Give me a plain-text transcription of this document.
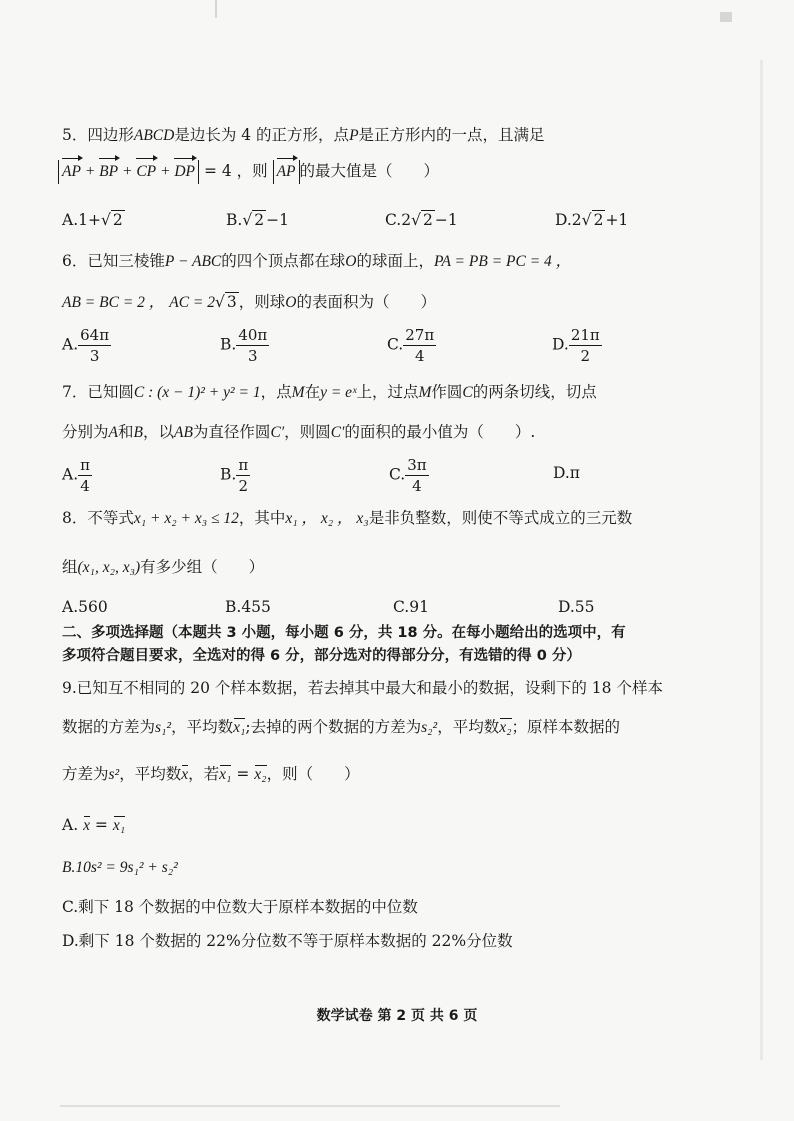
5．四边形ABCD是边长为 4 的正方形，点P是正方形内的一点，且满足
AP + BP + CP + DP = 4 ，则 AP 的最大值是（　　）
A.1+√ 2	B.√ 2 −1	C.2√ 2 −1	D.2√ 2 +1
6．已知三棱锥P − ABC的四个顶点都在球O的球面上，PA = PB = PC = 4 ，
AB = BC = 2 ， AC = 2√ 3 ，则球O的表面积为（　　）
A. $\frac{64\pi}{3}$	B. $\frac{40\pi}{3}$	C. $\frac{27\pi}{4}$	D. $\frac{21\pi}{2}$
7．已知圆C : (x − 1)² + y² = 1，点M在y = eˣ上，过点M作圆C的两条切线，切点
分别为A和B，以AB为直径作圆C′，则圆C′的面积的最小值为（　　）.
A. $\frac{\pi}{4}$	B. $\frac{\pi}{2}$	C. $\frac{3\pi}{4}$	D.π
8．不等式x₁ + x₂ + x₃ ≤ 12，其中x₁ ， x₂ ， x₃是非负整数，则使不等式成立的三元数
组(x₁, x₂, x₃)有多少组（　　）
A.560	B.455	C.91	D.55
二、多项选择题（本题共 3 小题，每小题 6 分，共 18 分。在每小题给出的选项中，有
多项符合题目要求，全选对的得 6 分，部分选对的得部分分，有选错的得 0 分）
9.已知互不相同的 20 个样本数据，若去掉其中最大和最小的数据，设剩下的 18 个样本
数据的方差为s₁²，平均数x₁;去掉的两个数据的方差为s₂²，平均数x₂；原样本数据的
方差为s²，平均数x，若x₁ = x₂，则（　　）
A. x = x₁
B.10s² = 9s₁² + s₂²
C.剩下 18 个数据的中位数大于原样本数据的中位数
D.剩下 18 个数据的 22%分位数不等于原样本数据的 22%分位数
数学试卷 第 2 页 共 6 页
